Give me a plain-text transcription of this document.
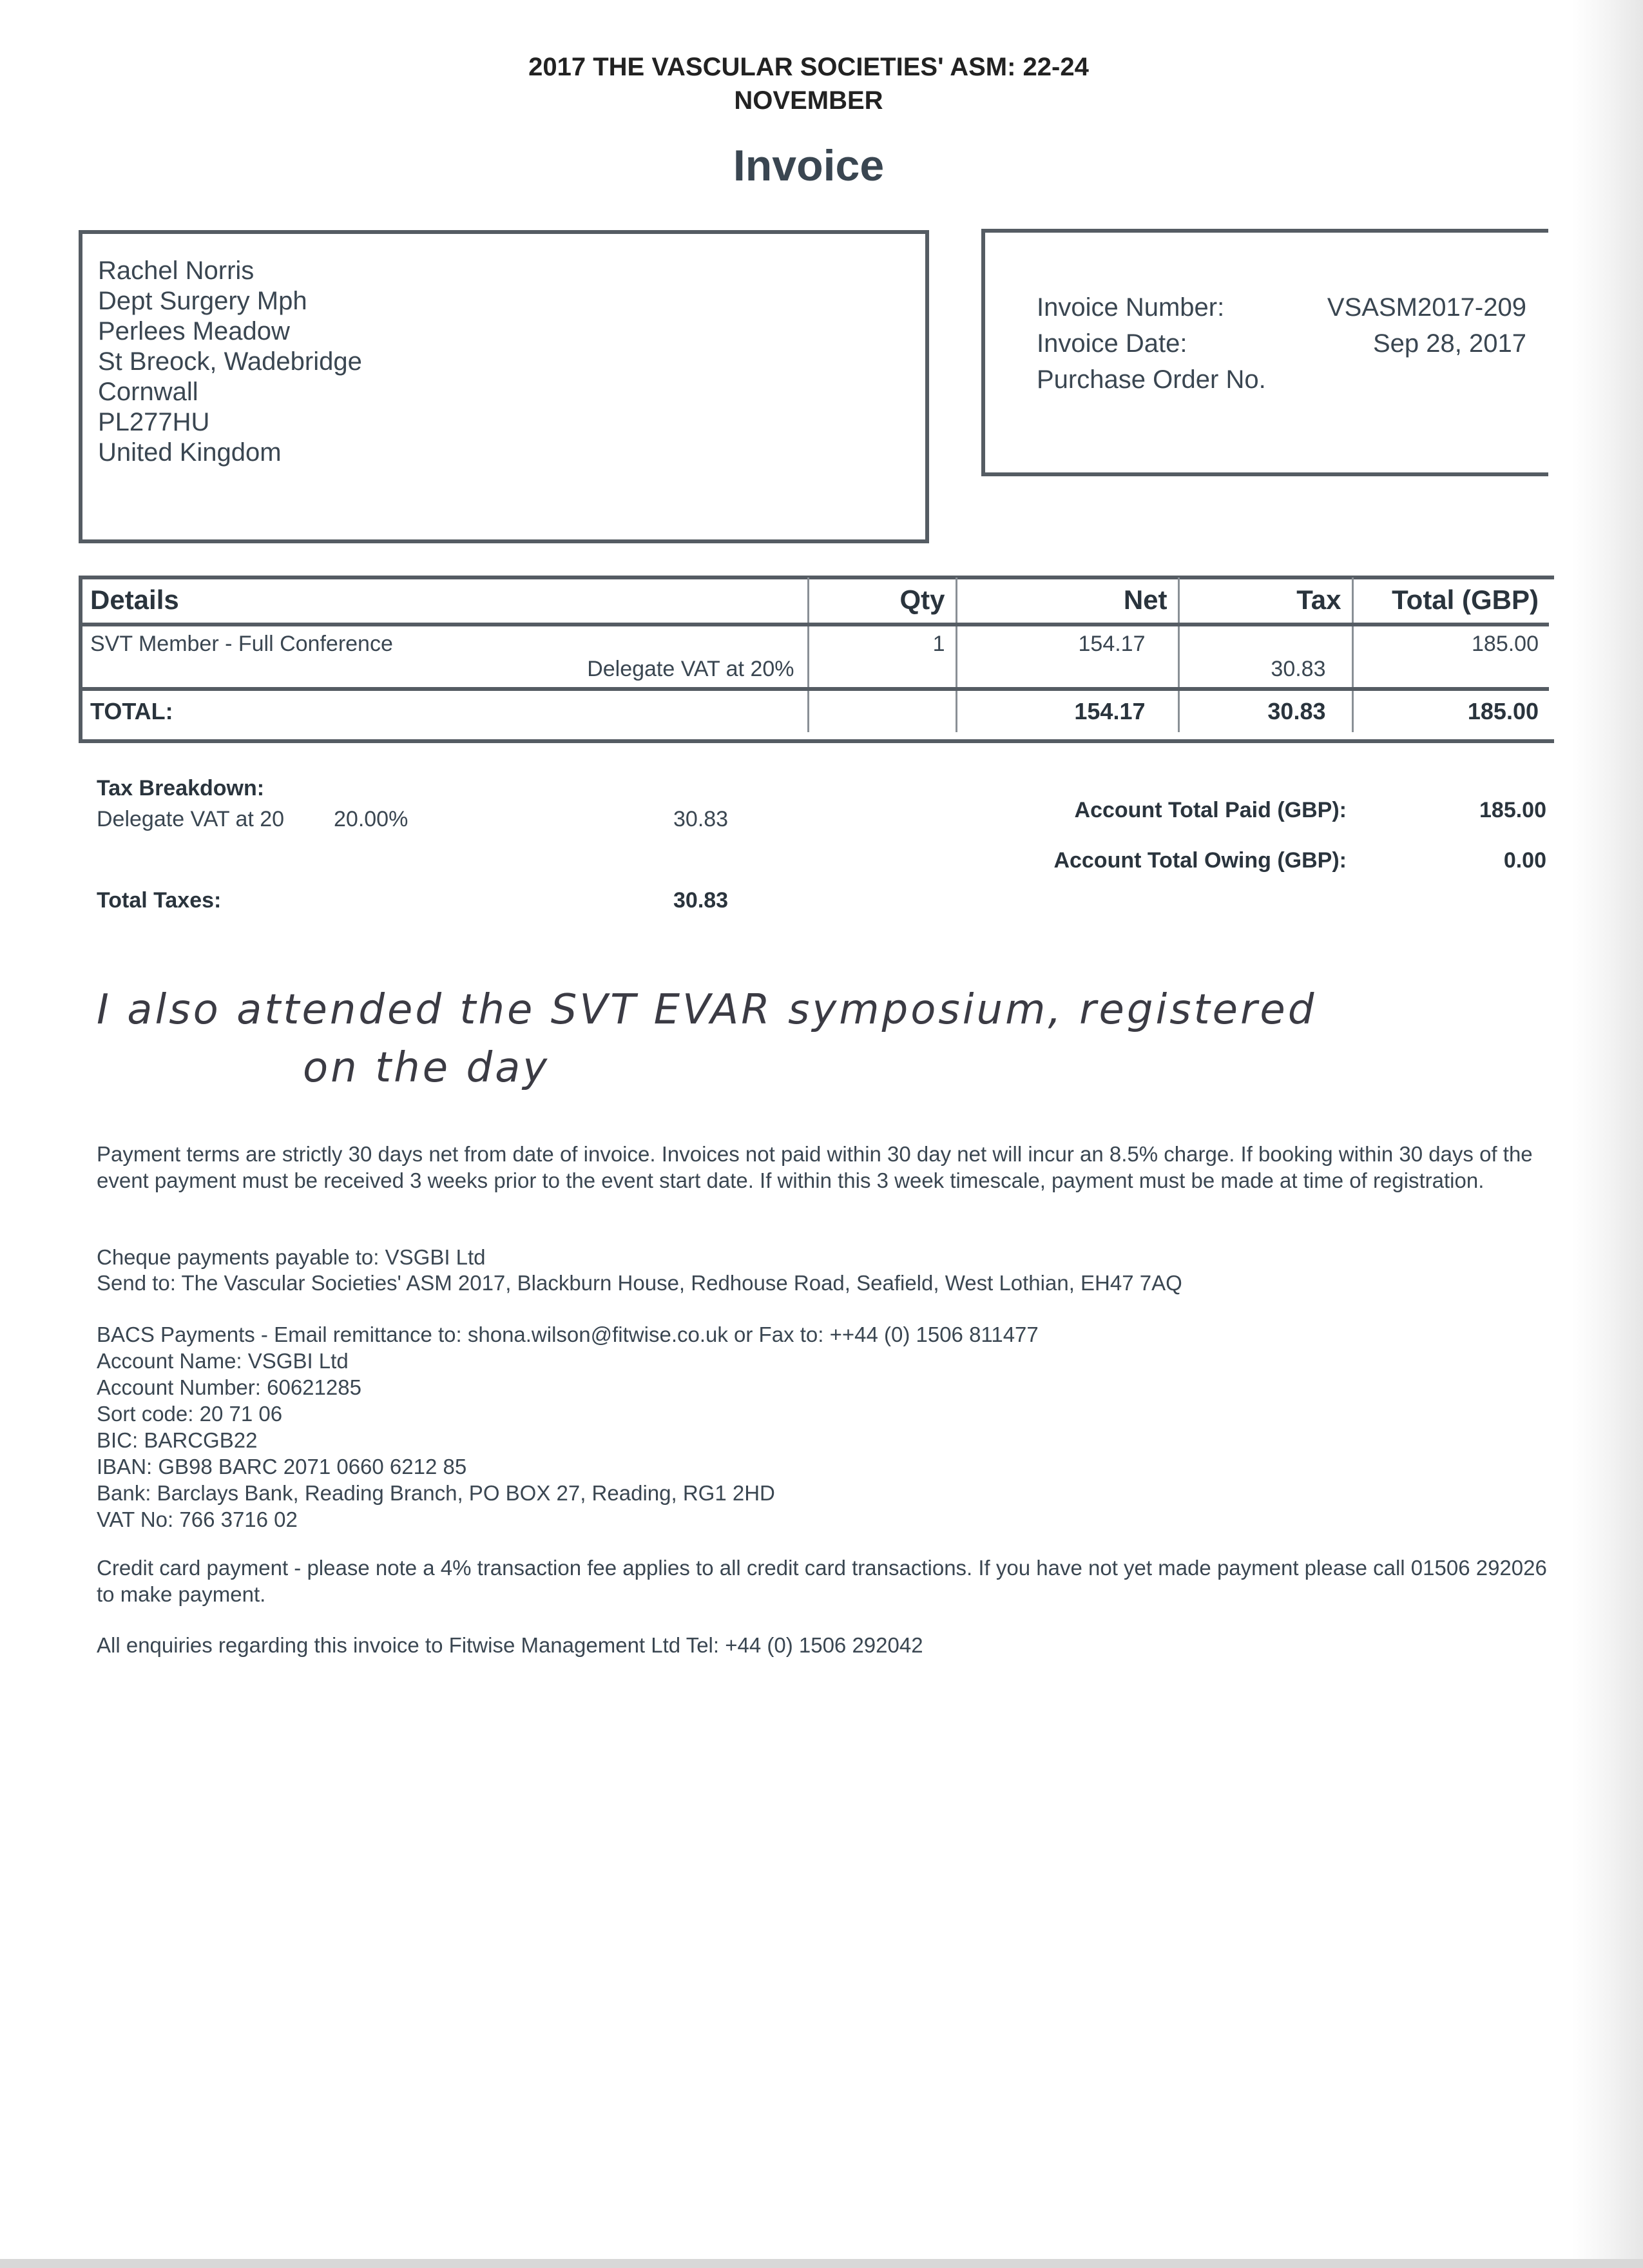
2017 THE VASCULAR SOCIETIES' ASM: 22-24
NOVEMBER
Invoice
Rachel Norris
Dept Surgery Mph
Perlees Meadow
St Breock, Wadebridge
Cornwall
PL277HU
United Kingdom
Invoice Number:	VSASM2017-209
Invoice Date:	Sep 28, 2017
Purchase Order No.
Details	Qty	Net	Tax	Total (GBP)
SVT Member - Full Conference	1	154.17		185.00
Delegate VAT at 20%			30.83	
TOTAL:		154.17	30.83	185.00
Tax Breakdown:
Delegate VAT at 20 20.00%	30.83
Total Taxes:	30.83
Account Total Paid (GBP):	185.00
Account Total Owing (GBP):	0.00
I also attended the SVT EVAR symposium, registered
on the day
Payment terms are strictly 30 days net from date of invoice. Invoices not paid within 30 day net will incur an 8.5% charge. If booking within 30 days of the event payment must be received 3 weeks prior to the event start date. If within this 3 week timescale, payment must be made at time of registration.
Cheque payments payable to: VSGBI Ltd
Send to: The Vascular Societies' ASM 2017, Blackburn House, Redhouse Road, Seafield, West Lothian, EH47 7AQ
BACS Payments - Email remittance to: shona.wilson@fitwise.co.uk or Fax to: ++44 (0) 1506 811477
Account Name: VSGBI Ltd
Account Number: 60621285
Sort code: 20 71 06
BIC: BARCGB22
IBAN: GB98 BARC 2071 0660 6212 85
Bank: Barclays Bank, Reading Branch, PO BOX 27, Reading, RG1 2HD
VAT No: 766 3716 02
Credit card payment - please note a 4% transaction fee applies to all credit card transactions. If you have not yet made payment please call 01506 292026 to make payment.
All enquiries regarding this invoice to Fitwise Management Ltd Tel: +44 (0) 1506 292042
